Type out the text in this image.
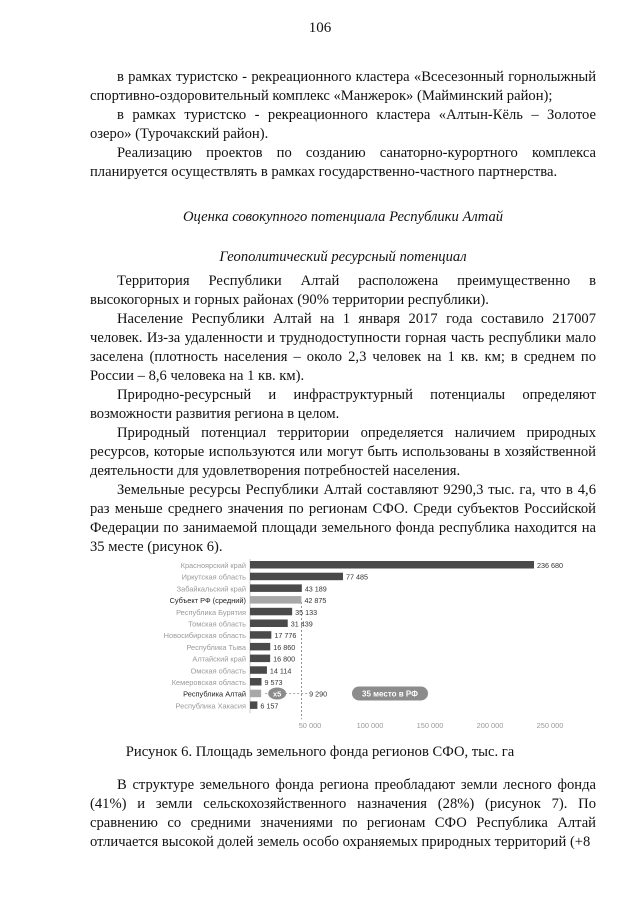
106

в рамках туристско - рекреационного кластера «Всесезонный горнолыжный спортивно-оздоровительный комплекс «Манжерок» (Майминский район);

в рамках туристско - рекреационного кластера «Алтын-Кёль – Золотое озеро» (Турочакский район).

Реализацию проектов по созданию санаторно-курортного комплекса планируется осуществлять в рамках государственно-частного партнерства.

Оценка совокупного потенциала Республики Алтай

Геополитический ресурсный потенциал

Территория Республики Алтай расположена преимущественно в высокогорных и горных районах (90% территории республики).

Население Республики Алтай на 1 января 2017 года составило 217007 человек. Из-за удаленности и труднодоступности горная часть республики мало заселена (плотность населения – около 2,3 человек на 1 кв. км; в среднем по России – 8,6 человека на 1 кв. км).

Природно-ресурсный и инфраструктурный потенциалы определяют возможности развития региона в целом.

Природный потенциал территории определяется наличием природных ресурсов, которые используются или могут быть использованы в хозяйственной деятельности для удовлетворения потребностей населения.

Земельные ресурсы Республики Алтай составляют 9290,3 тыс. га, что в 4,6 раз меньше среднего значения по регионам СФО. Среди субъектов Российской Федерации по занимаемой площади земельного фонда республика находится на 35 месте (рисунок 6).

Красноярский край	236 680
Иркутская область	77 485
Забайкальский край	43 189
Субъект РФ (средний)	42 875
Республика Бурятия	35 133
Томская область	31 439
Новосибирская область	17 776
Республика Тыва	16 860
Алтайский край	16 800
Омская область	14 114
Кемеровская область	9 573
Республика Алтай	9 290
Республика Хакасия 6 157
х5	35 место в РФ
50 000	100 000	150 000	200 000	250 000
Рисунок 6. Площадь земельного фонда регионов СФО, тыс. га

В структуре земельного фонда региона преобладают земли лесного фонда (41%) и земли сельскохозяйственного назначения (28%) (рисунок 7). По сравнению со средними значениями по регионам СФО Республика Алтай отличается высокой долей земель особо охраняемых природных территорий (+8
